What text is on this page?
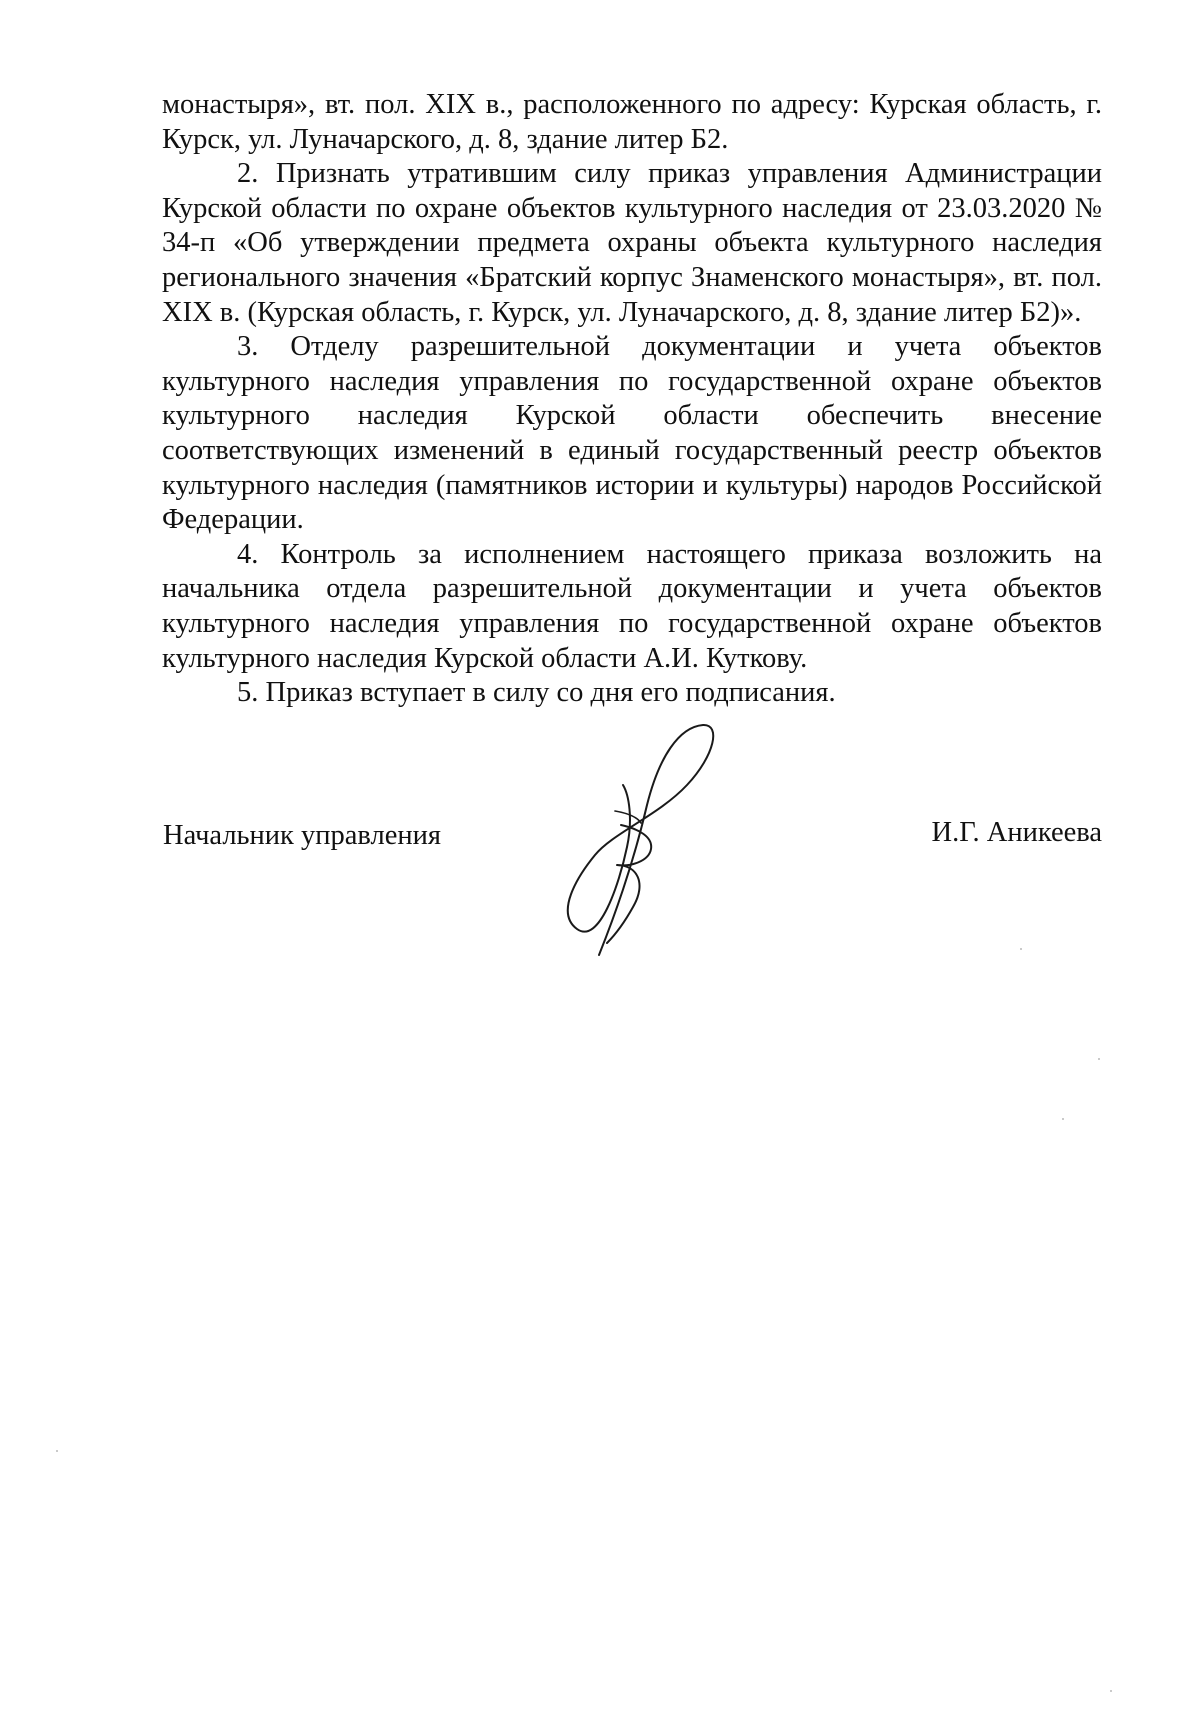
монастыря», вт. пол. XIX в., расположенного по адресу: Курская область, г. Курск, ул. Луначарского, д. 8, здание литер Б2.

2. Признать утратившим силу приказ управления Администрации Курской области по охране объектов культурного наследия от 23.03.2020 № 34-п «Об утверждении предмета охраны объекта культурного наследия регионального значения «Братский корпус Знаменского монастыря», вт. пол. XIX в. (Курская область, г. Курск, ул. Луначарского, д. 8, здание литер Б2)».

3. Отделу разрешительной документации и учета объектов культурного наследия управления по государственной охране объектов культурного наследия Курской области обеспечить внесение соответствующих изменений в единый государственный реестр объектов культурного наследия (памятников истории и культуры) народов Российской Федерации.

4. Контроль за исполнением настоящего приказа возложить на начальника отдела разрешительной документации и учета объектов культурного наследия управления по государственной охране объектов культурного наследия Курской области А.И. Куткову.

5. Приказ вступает в силу со дня его подписания.

Начальник управления	И.Г. Аникеева
